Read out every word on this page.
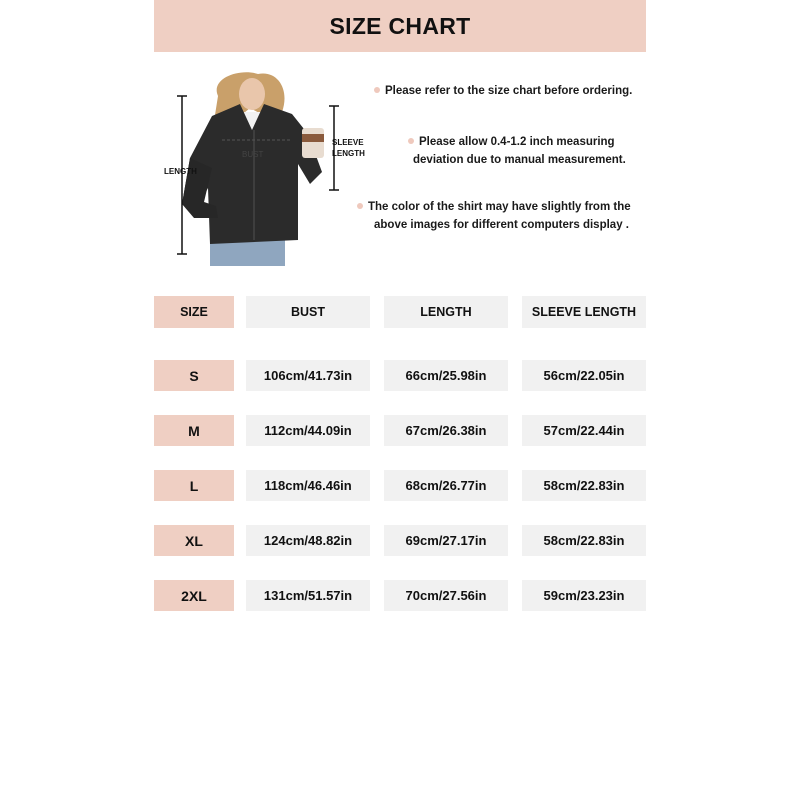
SIZE CHART
BUST
LENGTH
SLEEVE
LENGTH
Please refer to the size chart before ordering.
Please allow 0.4-1.2 inch measuring
deviation due to manual measurement.
The color of the shirt may have slightly from the
above images for different computers display .
SIZE	BUST	LENGTH	SLEEVE LENGTH
S	106cm/41.73in	66cm/25.98in	56cm/22.05in
M	112cm/44.09in	67cm/26.38in	57cm/22.44in
L	118cm/46.46in	68cm/26.77in	58cm/22.83in
XL	124cm/48.82in	69cm/27.17in	58cm/22.83in
2XL	131cm/51.57in	70cm/27.56in	59cm/23.23in
